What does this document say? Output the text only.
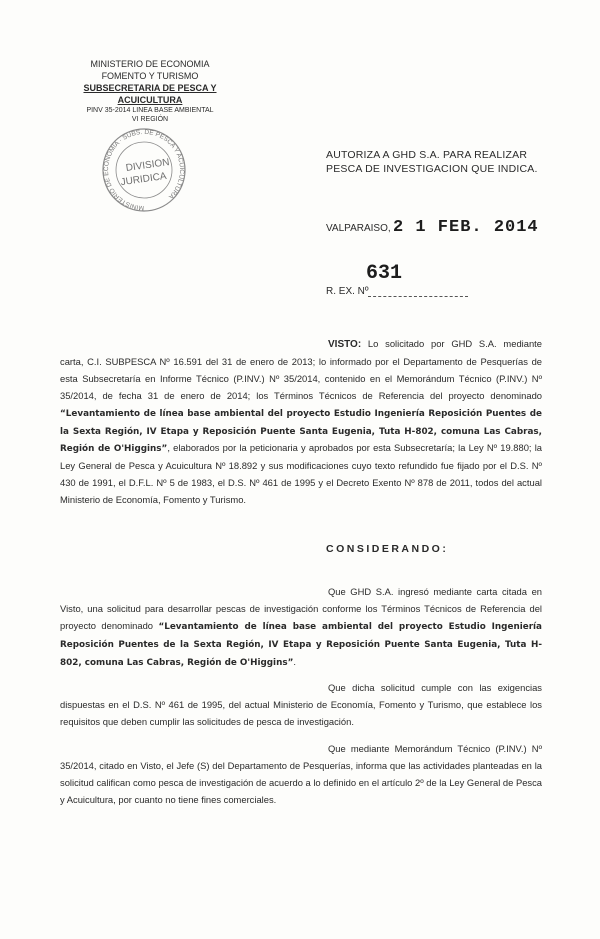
MINISTERIO DE ECONOMIA
FOMENTO Y TURISMO
SUBSECRETARIA DE PESCA Y ACUICULTURA
PINV 35-2014 LINEA BASE AMBIENTAL
VI REGIÓN
MINISTERIO DE ECONOMIA · SUBS. DE PESCA Y ACUICULTURA
DIVISION
JURIDICA
AUTORIZA A GHD S.A. PARA REALIZAR PESCA DE INVESTIGACION QUE INDICA.
VALPARAISO, 2 1 FEB. 2014
631
R. EX. Nº
VISTO: Lo solicitado por GHD S.A. mediante carta, C.I. SUBPESCA Nº 16.591 del 31 de enero de 2013; lo informado por el Departamento de Pesquerías de esta Subsecretaría en Informe Técnico (P.INV.) Nº 35/2014, contenido en el Memorándum Técnico (P.INV.) Nº 35/2014, de fecha 31 de enero de 2014; los Términos Técnicos de Referencia del proyecto denominado “Levantamiento de línea base ambiental del proyecto Estudio Ingeniería Reposición Puentes de la Sexta Región, IV Etapa y Reposición Puente Santa Eugenia, Tuta H-802, comuna Las Cabras, Región de O'Higgins”, elaborados por la peticionaria y aprobados por esta Subsecretaría; la Ley Nº 19.880; la Ley General de Pesca y Acuicultura Nº 18.892 y sus modificaciones cuyo texto refundido fue fijado por el D.S. Nº 430 de 1991, el D.F.L. Nº 5 de 1983, el D.S. Nº 461 de 1995 y el Decreto Exento Nº 878 de 2011, todos del actual Ministerio de Economía, Fomento y Turismo.
CONSIDERANDO:
Que GHD S.A. ingresó mediante carta citada en Visto, una solicitud para desarrollar pescas de investigación conforme los Términos Técnicos de Referencia del proyecto denominado “Levantamiento de línea base ambiental del proyecto Estudio Ingeniería Reposición Puentes de la Sexta Región, IV Etapa y Reposición Puente Santa Eugenia, Tuta H-802, comuna Las Cabras, Región de O'Higgins”.
Que dicha solicitud cumple con las exigencias dispuestas en el D.S. Nº 461 de 1995, del actual Ministerio de Economía, Fomento y Turismo, que establece los requisitos que deben cumplir las solicitudes de pesca de investigación.
Que mediante Memorándum Técnico (P.INV.) Nº 35/2014, citado en Visto, el Jefe (S) del Departamento de Pesquerías, informa que las actividades planteadas en la solicitud califican como pesca de investigación de acuerdo a lo definido en el artículo 2º de la Ley General de Pesca y Acuicultura, por cuanto no tiene fines comerciales.
